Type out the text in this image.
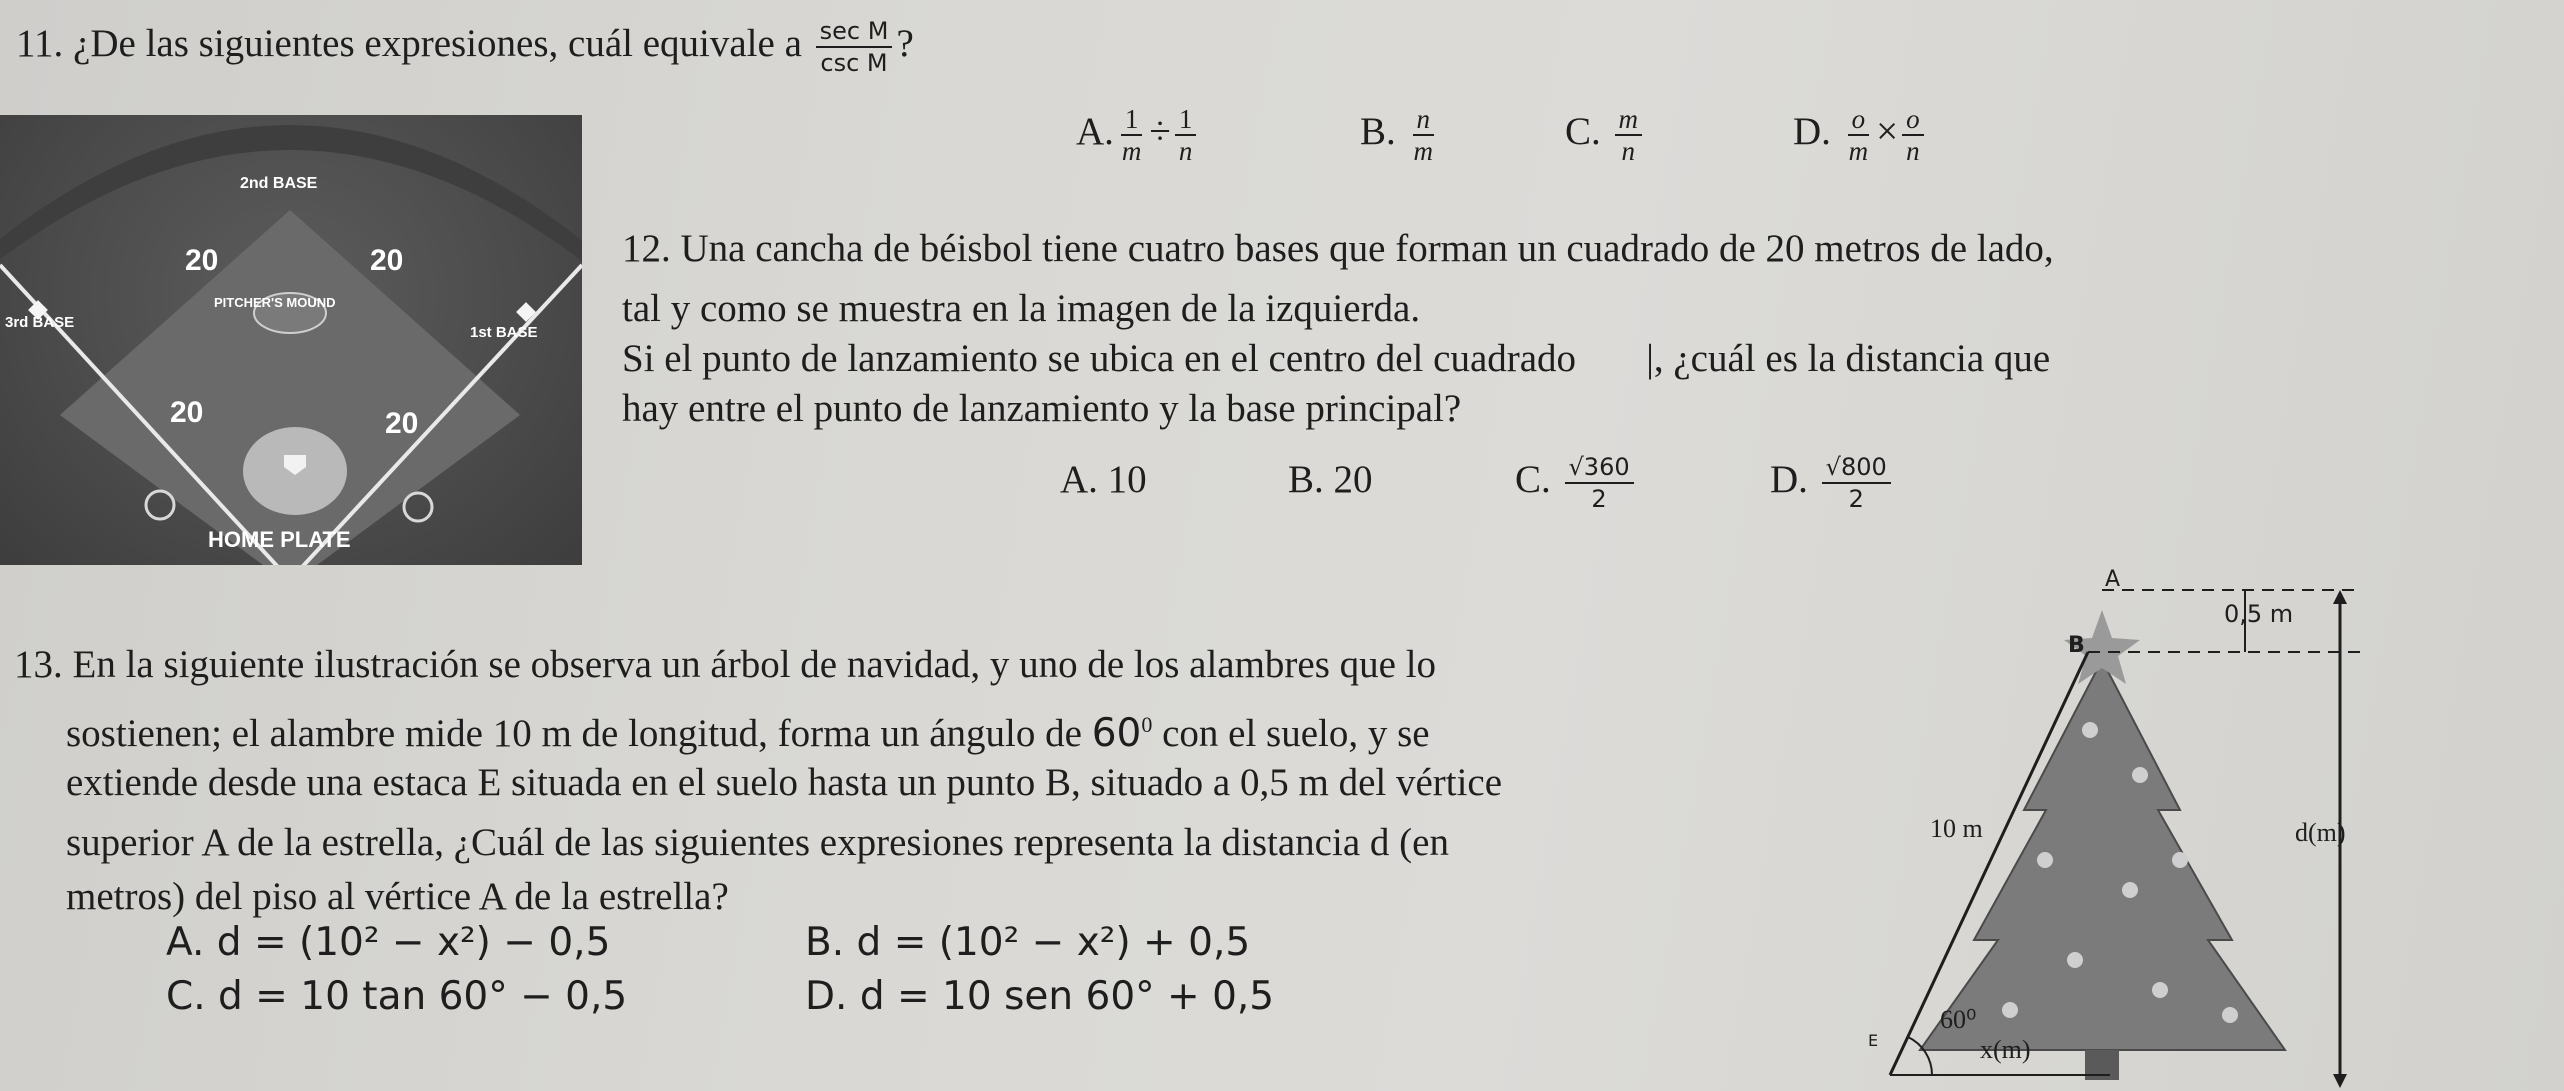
11. ¿De las siguientes expresiones, cuál equivale a $\frac{\text{sec M}}{\text{csc M}}$ ?
A. $\frac{1}{m} \div \frac{1}{n}$	B. $\frac{n}{m}$	C. $\frac{m}{n}$	D. $\frac{o}{m} \times \frac{o}{n}$
2nd BASE
20	20
3rd BASE
PITCHER'S MOUND
1st BASE
20	20
HOME PLATE
12. Una cancha de béisbol tiene cuatro bases que forman un cuadrado de 20 metros de lado,
tal y como se muestra en la imagen de la izquierda.
Si el punto de lanzamiento se ubica en el centro del cuadrado |, ¿cuál es la distancia que
hay entre el punto de lanzamiento y la base principal?
A. 10	B. 20	C. $\frac{√360}{2}$	D. $\frac{√800}{2}$
13. En la siguiente ilustración se observa un árbol de navidad, y uno de los alambres que lo
sostienen; el alambre mide 10 m de longitud, forma un ángulo de $60^0$ con el suelo, y se
extiende desde una estaca E situada en el suelo hasta un punto B, situado a 0,5 m del vértice
superior A de la estrella, ¿Cuál de las siguientes expresiones representa la distancia d (en
metros) del piso al vértice A de la estrella?
A. d = (10² − x²) − 0,5	B. d = (10² − x²) + 0,5
C. d = 10 tan 60° − 0,5	D. d = 10 sen 60° + 0,5
A
B
0,5 m
10 m	d(m)
60⁰
E	x(m)
